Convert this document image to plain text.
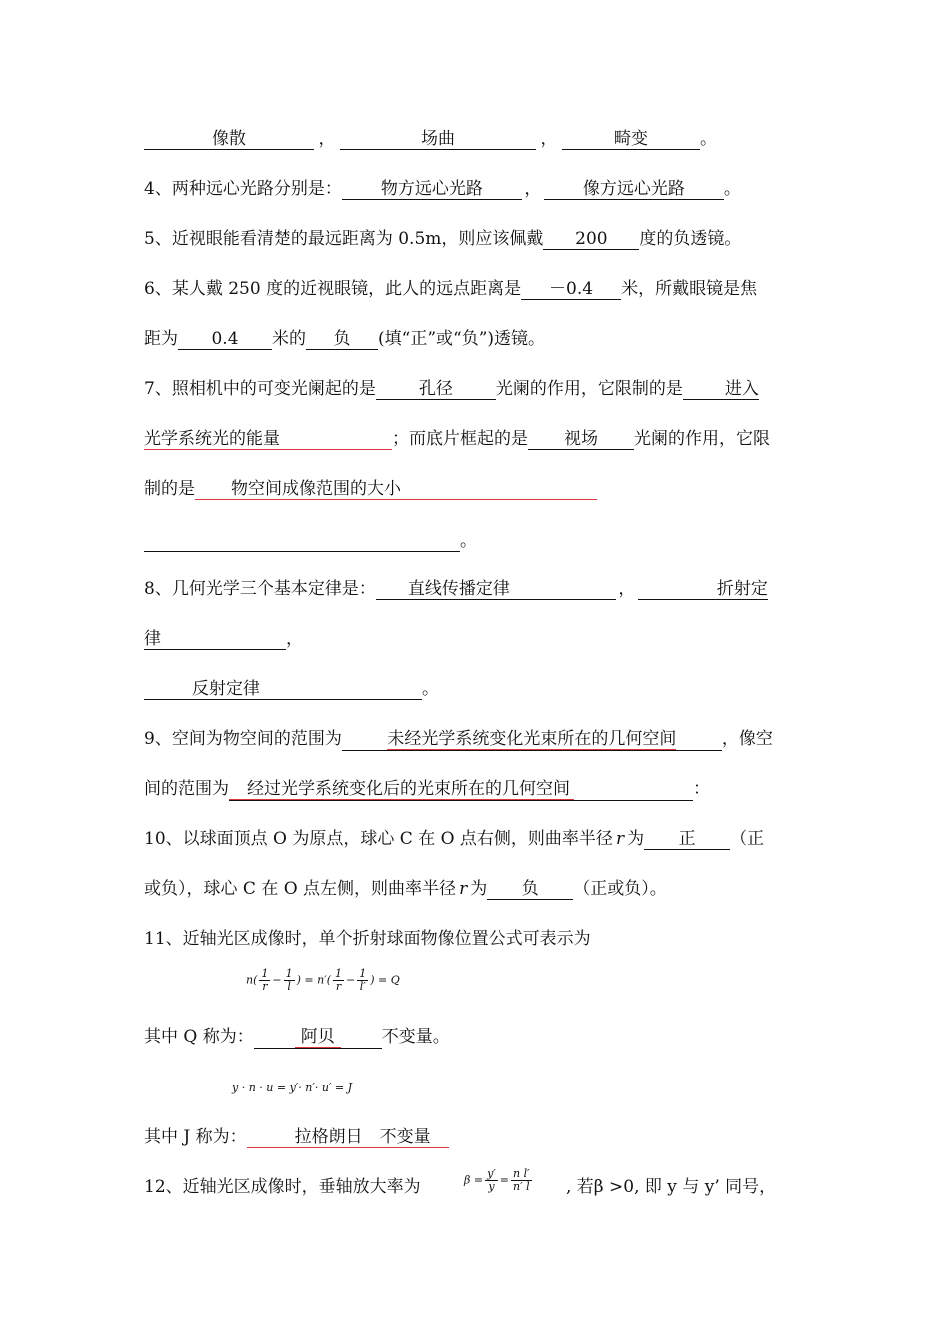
像散	，	场曲	，	畸变	。
4、两种远心光路分别是： 物方远心光路 ， 像方远心光路 。
5、近视眼能看清楚的最远距离为 0.5m，则应该佩戴 200 度的负透镜。
6、某人戴 250 度的近视眼镜，此人的远点距离是 －0.4 米，所戴眼镜是焦
距为 0.4 米的 负 (填“正”或“负”)透镜。
7、照相机中的可变光阑起的是	孔径	光阑的作用，它限制的是 进入
光学系统光的能量	；而底片框起的是 视场 光阑的作用，它限
制的是 物空间成像范围的大小
。
8、几何光学三个基本定律是： 直线传播定律	，	折射定
律	，
反射定律	。
9、空间为物空间的范围为	未经光学系统变化光束所在的几何空间	，像空
间的范围为 经过光学系统变化后的光束所在的几何空间	：
10、以球面顶点 O 为原点，球心 C 在 O 点右侧，则曲率半径 r 为 正 （正
或负），球心 C 在 O 点左侧，则曲率半径 r 为 负 （正或负）。
11、近轴光区成像时，单个折射球面物像位置公式可表示为
$n( \frac{1}{r} - \frac{1}{l}$ ) = $n'( \frac{1}{r} - \frac{1}{l'}$ ) = Q
其中 Q 称为：	阿贝	不变量。
y · n · u = y′· n′· u′ = J
其中 J 称为：	拉格朗日　不变量
12、近轴光区成像时，垂轴放大率为	$\beta = \frac{y'}{y} = \frac{\text{n l′}}{n' l}$ , 若β >0, 即 y 与 y’ 同号，
